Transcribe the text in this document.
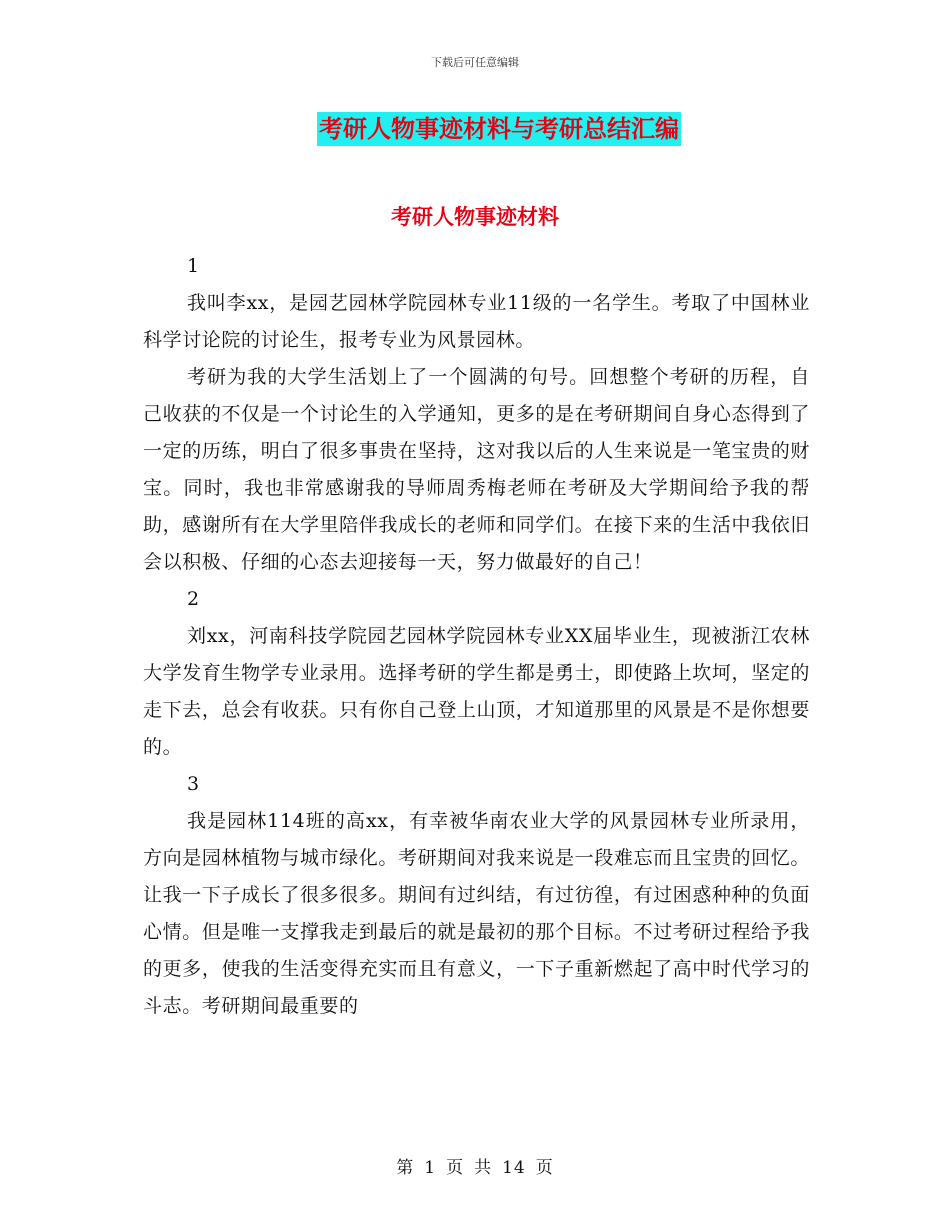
下载后可任意编辑
考研人物事迹材料与考研总结汇编
考研人物事迹材料

1

我叫李xx，是园艺园林学院园林专业11级的一名学生。考取了中国林业科学讨论院的讨论生，报考专业为风景园林。

考研为我的大学生活划上了一个圆满的句号。回想整个考研的历程，自己收获的不仅是一个讨论生的入学通知，更多的是在考研期间自身心态得到了一定的历练，明白了很多事贵在坚持，这对我以后的人生来说是一笔宝贵的财宝。同时，我也非常感谢我的导师周秀梅老师在考研及大学期间给予我的帮助，感谢所有在大学里陪伴我成长的老师和同学们。在接下来的生活中我依旧会以积极、仔细的心态去迎接每一天，努力做最好的自己！

2

刘xx，河南科技学院园艺园林学院园林专业XX届毕业生，现被浙江农林大学发育生物学专业录用。选择考研的学生都是勇士，即使路上坎坷，坚定的走下去，总会有收获。只有你自己登上山顶，才知道那里的风景是不是你想要的。

3

我是园林114班的高xx，有幸被华南农业大学的风景园林专业所录用，方向是园林植物与城市绿化。考研期间对我来说是一段难忘而且宝贵的回忆。让我一下子成长了很多很多。期间有过纠结，有过彷徨，有过困惑种种的负面心情。但是唯一支撑我走到最后的就是最初的那个目标。不过考研过程给予我的更多，使我的生活变得充实而且有意义，一下子重新燃起了高中时代学习的斗志。考研期间最重要的

第 1 页 共 14 页
